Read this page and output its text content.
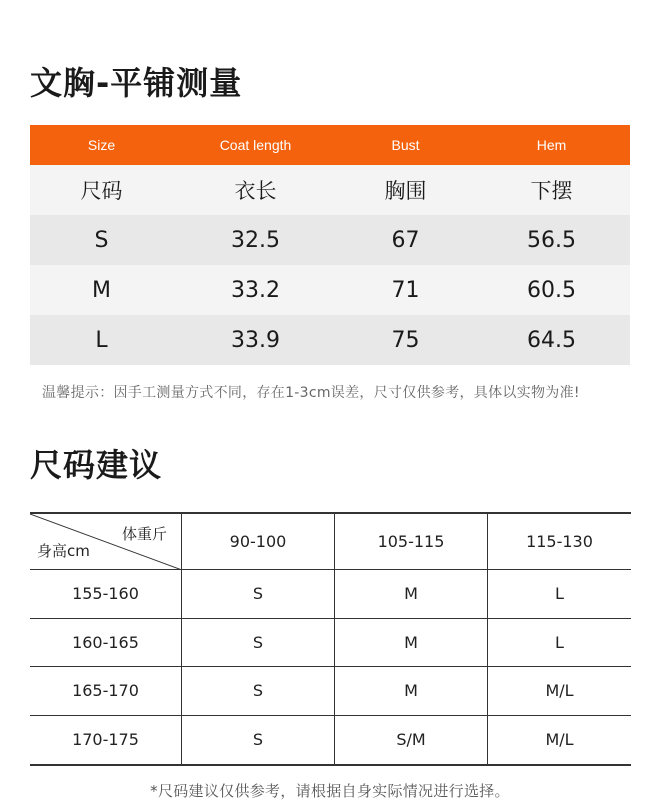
文胸-平铺测量
Size	Coat length	Bust	Hem
尺码	衣长	胸围	下摆
S	32.5	67	56.5
M	33.2	71	60.5
L	33.9	75	64.5
温馨提示：因手工测量方式不同，存在1-3cm误差，尺寸仅供参考，具体以实物为准!
尺码建议
体重斤
身高cm	90-100	105-115	115-130
155-160	S	M	L
160-165	S	M	L
165-170	S	M	M/L
170-175	S	S/M	M/L
*尺码建议仅供参考，请根据自身实际情况进行选择。
